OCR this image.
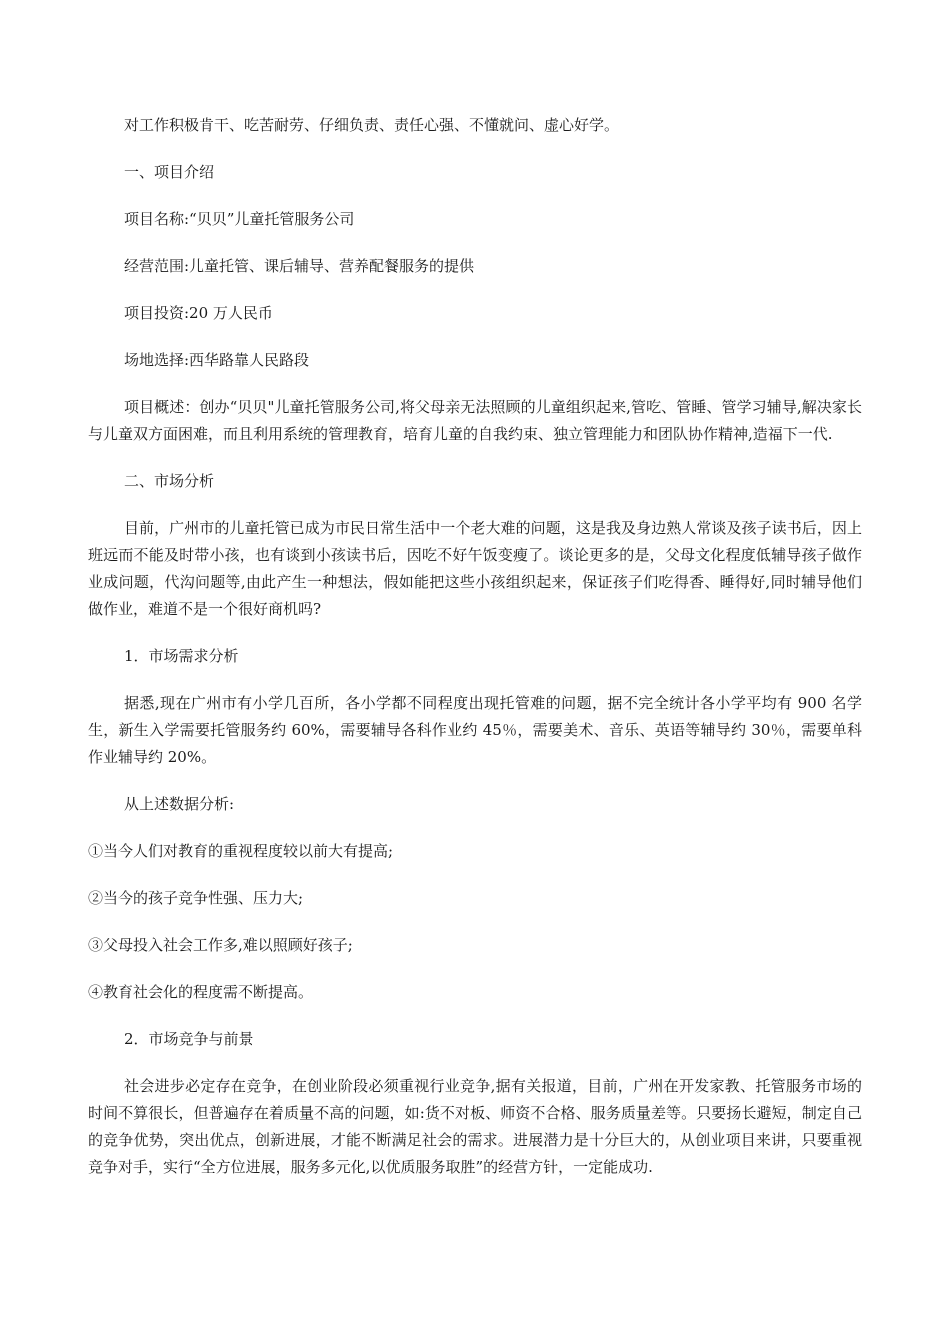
对工作积极肯干、吃苦耐劳、仔细负责、责任心强、不懂就问、虚心好学。

一、项目介绍

项目名称:“贝贝”儿童托管服务公司

经营范围:儿童托管、课后辅导、营养配餐服务的提供

项目投资:20 万人民币

场地选择:西华路靠人民路段

项目概述：创办“贝贝"儿童托管服务公司,将父母亲无法照顾的儿童组织起来,管吃、管睡、管学习辅导,解决家长与儿童双方面困难，而且利用系统的管理教育，培育儿童的自我约束、独立管理能力和团队协作精神,造福下一代.

二、市场分析

目前，广州市的儿童托管已成为市民日常生活中一个老大难的问题，这是我及身边熟人常谈及孩子读书后，因上班远而不能及时带小孩，也有谈到小孩读书后，因吃不好午饭变瘦了。谈论更多的是，父母文化程度低辅导孩子做作业成问题，代沟问题等,由此产生一种想法，假如能把这些小孩组织起来，保证孩子们吃得香、睡得好,同时辅导他们做作业，难道不是一个很好商机吗?

1．市场需求分析

据悉,现在广州市有小学几百所，各小学都不同程度出现托管难的问题，据不完全统计各小学平均有 900 名学生，新生入学需要托管服务约 60%，需要辅导各科作业约 45％，需要美术、音乐、英语等辅导约 30％，需要单科作业辅导约 20%。

从上述数据分析:

①当今人们对教育的重视程度较以前大有提高;

②当今的孩子竞争性强、压力大;

③父母投入社会工作多,难以照顾好孩子;

④教育社会化的程度需不断提高。

2．市场竞争与前景

社会进步必定存在竞争，在创业阶段必须重视行业竞争,据有关报道，目前，广州在开发家教、托管服务市场的时间不算很长，但普遍存在着质量不高的问题，如:货不对板、师资不合格、服务质量差等。只要扬长避短，制定自己的竞争优势，突出优点，创新进展，才能不断满足社会的需求。进展潜力是十分巨大的，从创业项目来讲，只要重视竞争对手，实行“全方位进展，服务多元化,以优质服务取胜”的经营方针，一定能成功.
